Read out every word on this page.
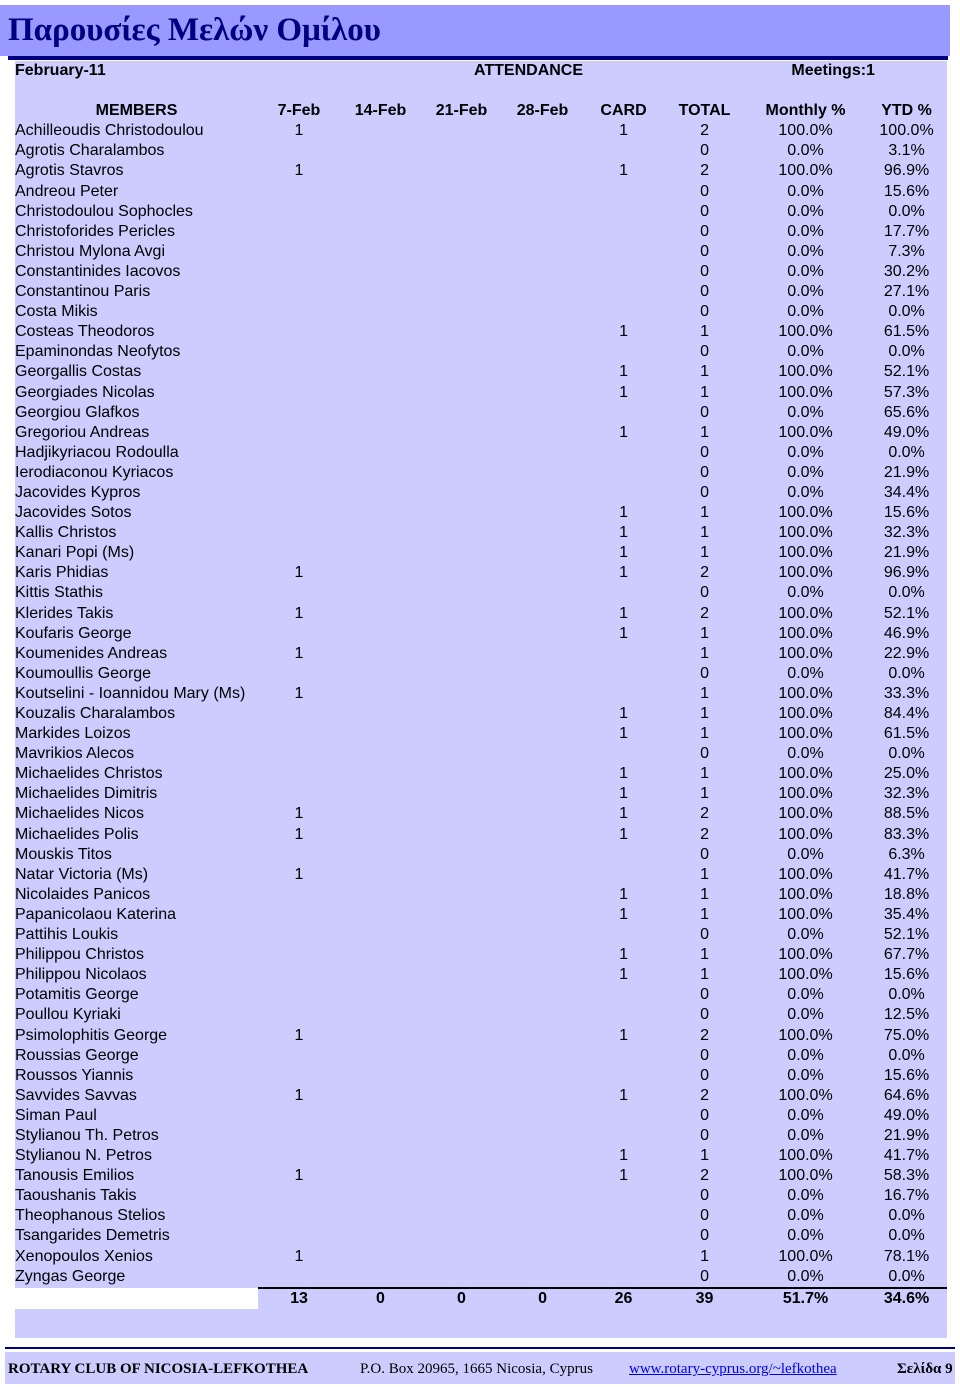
Παρουσίες Μελών Ομίλου
February-11	ATTENDANCE					Meetings:		1

MEMBERS	7-Feb	14-Feb	21-Feb	28-Feb	CARD	TOTAL	Monthly %	YTD %
Achilleoudis Christodoulou	1				1	2	100.0%	100.0%
Agrotis Charalambos						0	0.0%	3.1%
Agrotis Stavros	1				1	2	100.0%	96.9%
Andreou Peter						0	0.0%	15.6%
Christodoulou Sophocles						0	0.0%	0.0%
Christoforides Pericles						0	0.0%	17.7%
Christou Mylona Avgi						0	0.0%	7.3%
Constantinides Iacovos						0	0.0%	30.2%
Constantinou Paris						0	0.0%	27.1%
Costa Mikis						0	0.0%	0.0%
Costeas Theodoros					1	1	100.0%	61.5%
Epaminondas Neofytos						0	0.0%	0.0%
Georgallis Costas					1	1	100.0%	52.1%
Georgiades Nicolas					1	1	100.0%	57.3%
Georgiou Glafkos						0	0.0%	65.6%
Gregoriou Andreas					1	1	100.0%	49.0%
Hadjikyriacou Rodoulla						0	0.0%	0.0%
Ierodiaconou Kyriacos						0	0.0%	21.9%
Jacovides Kypros						0	0.0%	34.4%
Jacovides Sotos					1	1	100.0%	15.6%
Kallis Christos					1	1	100.0%	32.3%
Kanari Popi (Ms)					1	1	100.0%	21.9%
Karis Phidias	1				1	2	100.0%	96.9%
Kittis Stathis						0	0.0%	0.0%
Klerides Takis	1				1	2	100.0%	52.1%
Koufaris George					1	1	100.0%	46.9%
Koumenides Andreas	1					1	100.0%	22.9%
Koumoullis George						0	0.0%	0.0%
Koutselini - Ioannidou Mary (Ms)	1					1	100.0%	33.3%
Kouzalis Charalambos					1	1	100.0%	84.4%
Markides Loizos					1	1	100.0%	61.5%
Mavrikios Alecos						0	0.0%	0.0%
Michaelides Christos					1	1	100.0%	25.0%
Michaelides Dimitris					1	1	100.0%	32.3%
Michaelides Nicos	1				1	2	100.0%	88.5%
Michaelides Polis	1				1	2	100.0%	83.3%
Mouskis Titos						0	0.0%	6.3%
Natar Victoria (Ms)	1					1	100.0%	41.7%
Nicolaides Panicos					1	1	100.0%	18.8%
Papanicolaou Katerina					1	1	100.0%	35.4%
Pattihis Loukis						0	0.0%	52.1%
Philippou Christos					1	1	100.0%	67.7%
Philippou Nicolaos					1	1	100.0%	15.6%
Potamitis George						0	0.0%	0.0%
Poullou Kyriaki						0	0.0%	12.5%
Psimolophitis George	1				1	2	100.0%	75.0%
Roussias George						0	0.0%	0.0%
Roussos Yiannis						0	0.0%	15.6%
Savvides Savvas	1				1	2	100.0%	64.6%
Siman Paul						0	0.0%	49.0%
Stylianou Th. Petros						0	0.0%	21.9%
Stylianou N. Petros					1	1	100.0%	41.7%
Tanousis Emilios	1				1	2	100.0%	58.3%
Taoushanis Takis						0	0.0%	16.7%
Theophanous Stelios						0	0.0%	0.0%
Tsangarides Demetris						0	0.0%	0.0%
Xenopoulos Xenios	1					1	100.0%	78.1%
Zyngas George						0	0.0%	0.0%
	13	0	0	0	26	39	51.7%	34.6%
ROTARY CLUB OF NICOSIA-LEFKOTHEA	P.O. Box 20965, 1665 Nicosia, Cyprus www.rotary-cyprus.org/~lefkothea	Σελίδα 9
